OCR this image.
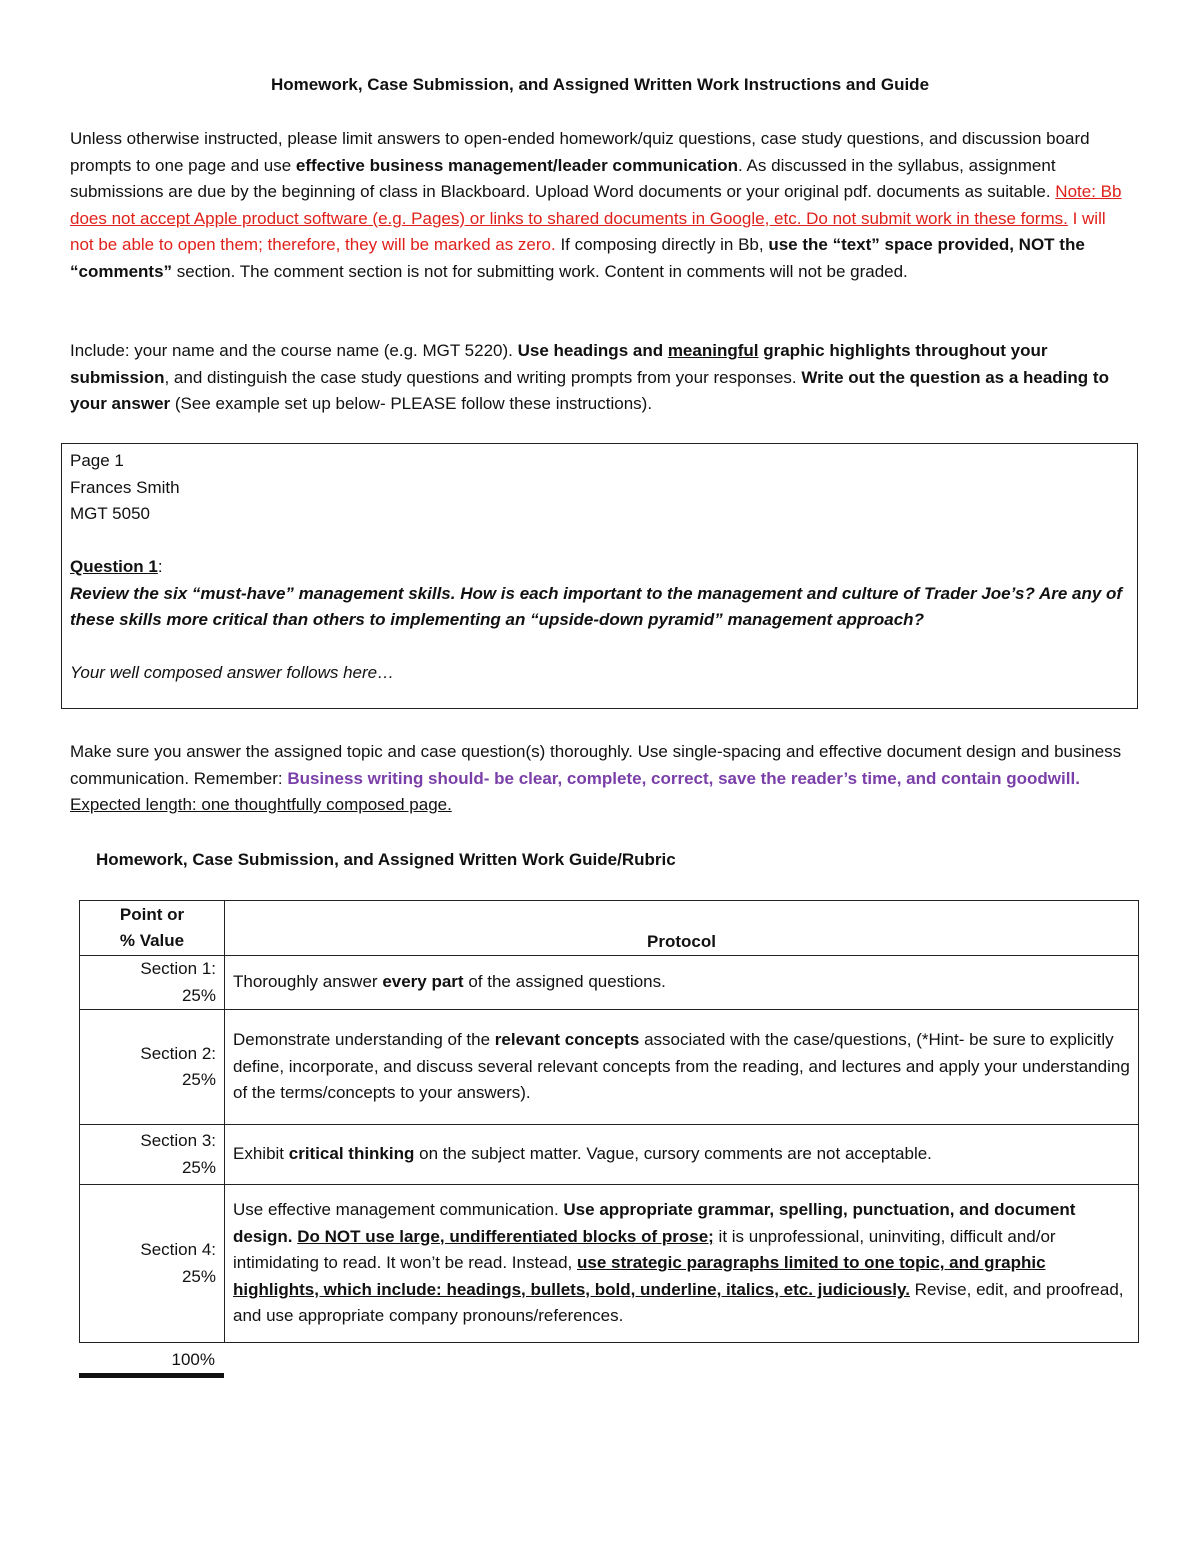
Homework, Case Submission, and Assigned Written Work Instructions and Guide

Unless otherwise instructed, please limit answers to open-ended homework/quiz questions, case study questions, and discussion board prompts to one page and use effective business management/leader communication. As discussed in the syllabus, assignment submissions are due by the beginning of class in Blackboard. Upload Word documents or your original pdf. documents as suitable. Note: Bb does not accept Apple product software (e.g. Pages) or links to shared documents in Google, etc. Do not submit work in these forms. I will not be able to open them; therefore, they will be marked as zero. If composing directly in Bb, use the “text” space provided, NOT the “comments” section. The comment section is not for submitting work. Content in comments will not be graded.

Include: your name and the course name (e.g. MGT 5220). Use headings and meaningful graphic highlights throughout your submission, and distinguish the case study questions and writing prompts from your responses. Write out the question as a heading to your answer (See example set up below- PLEASE follow these instructions).

Page 1
Frances Smith
MGT 5050
Question 1:
Review the six “must-have” management skills. How is each important to the management and culture of Trader Joe’s? Are any of these skills more critical than others to implementing an “upside-down pyramid” management approach?
Your well composed answer follows here…

Make sure you answer the assigned topic and case question(s) thoroughly. Use single-spacing and effective document design and business communication. Remember: Business writing should- be clear, complete, correct, save the reader’s time, and contain goodwill. Expected length: one thoughtfully composed page.

Homework, Case Submission, and Assigned Written Work Guide/Rubric
Point or
% Value	Protocol
Section 1:
25%	Thoroughly answer every part of the assigned questions.
Section 2:
25%	Demonstrate understanding of the relevant concepts associated with the case/questions, (*Hint- be sure to explicitly define, incorporate, and discuss several relevant concepts from the reading, and lectures and apply your understanding of the terms/concepts to your answers).
Section 3:
25%	Exhibit critical thinking on the subject matter. Vague, cursory comments are not acceptable.
Section 4:
25%	Use effective management communication. Use appropriate grammar, spelling, punctuation, and document design. Do NOT use large, undifferentiated blocks of prose; it is unprofessional, uninviting, difficult and/or intimidating to read. It won’t be read. Instead, use strategic paragraphs limited to one topic, and graphic highlights, which include: headings, bullets, bold, underline, italics, etc. judiciously. Revise, edit, and proofread, and use appropriate company pronouns/references.
100%
